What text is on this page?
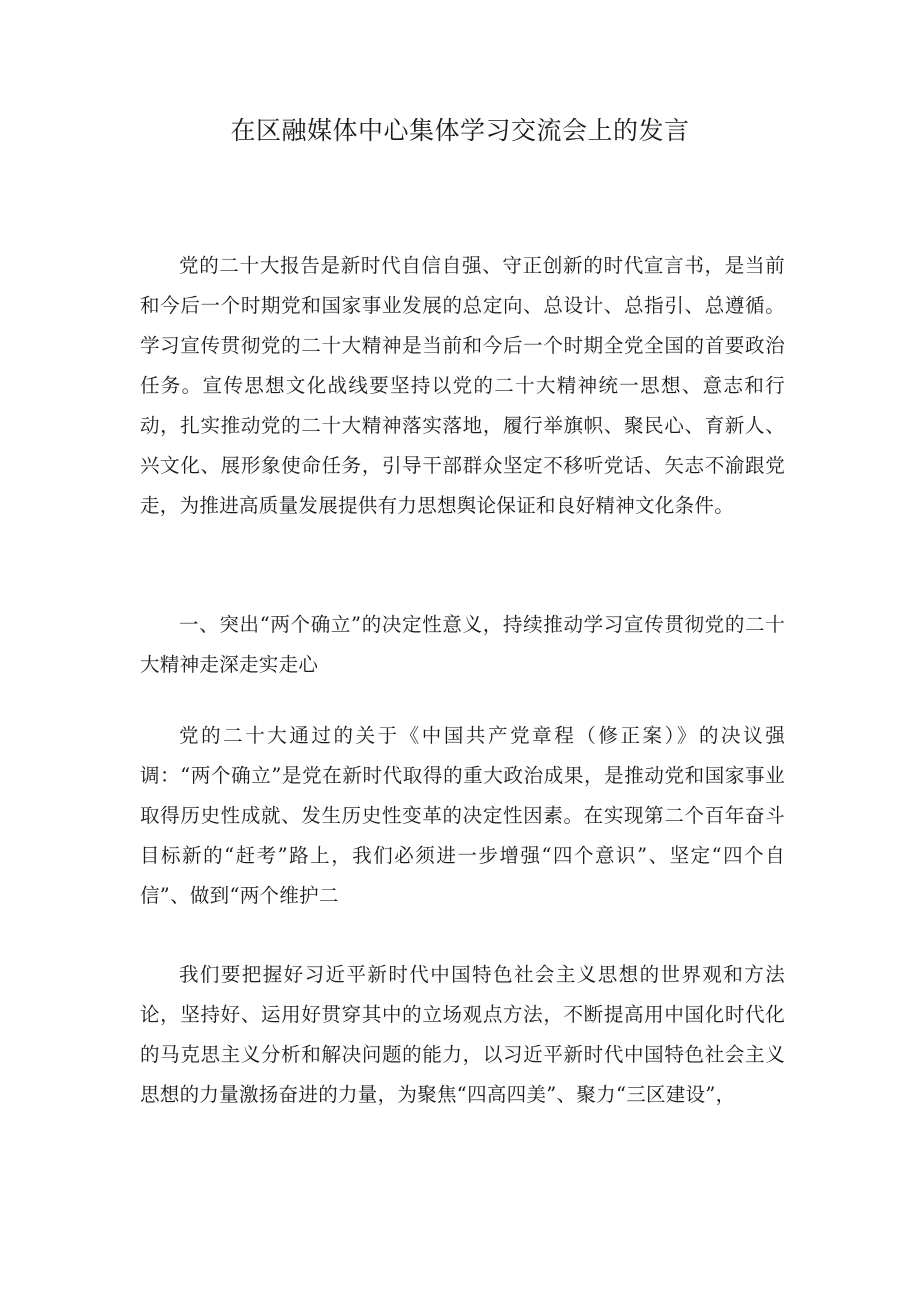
在区融媒体中心集体学习交流会上的发言

党的二十大报告是新时代自信自强、守正创新的时代宣言书，是当前和今后一个时期党和国家事业发展的总定向、总设计、总指引、总遵循。学习宣传贯彻党的二十大精神是当前和今后一个时期全党全国的首要政治任务。宣传思想文化战线要坚持以党的二十大精神统一思想、意志和行动，扎实推动党的二十大精神落实落地，履行举旗帜、聚民心、育新人、兴文化、展形象使命任务，引导干部群众坚定不移听党话、矢志不渝跟党走，为推进高质量发展提供有力思想舆论保证和良好精神文化条件。

一、突出“两个确立”的决定性意义，持续推动学习宣传贯彻党的二十大精神走深走实走心

党的二十大通过的关于《中国共产党章程（修正案）》的决议强调：“两个确立”是党在新时代取得的重大政治成果，是推动党和国家事业取得历史性成就、发生历史性变革的决定性因素。在实现第二个百年奋斗目标新的“赶考”路上，我们必须进一步增强“四个意识”、坚定“四个自信”、做到“两个维护二

我们要把握好习近平新时代中国特色社会主义思想的世界观和方法论，坚持好、运用好贯穿其中的立场观点方法，不断提高用中国化时代化的马克思主义分析和解决问题的能力，以习近平新时代中国特色社会主义思想的力量激扬奋进的力量，为聚焦“四高四美”、聚力“三区建设”，
